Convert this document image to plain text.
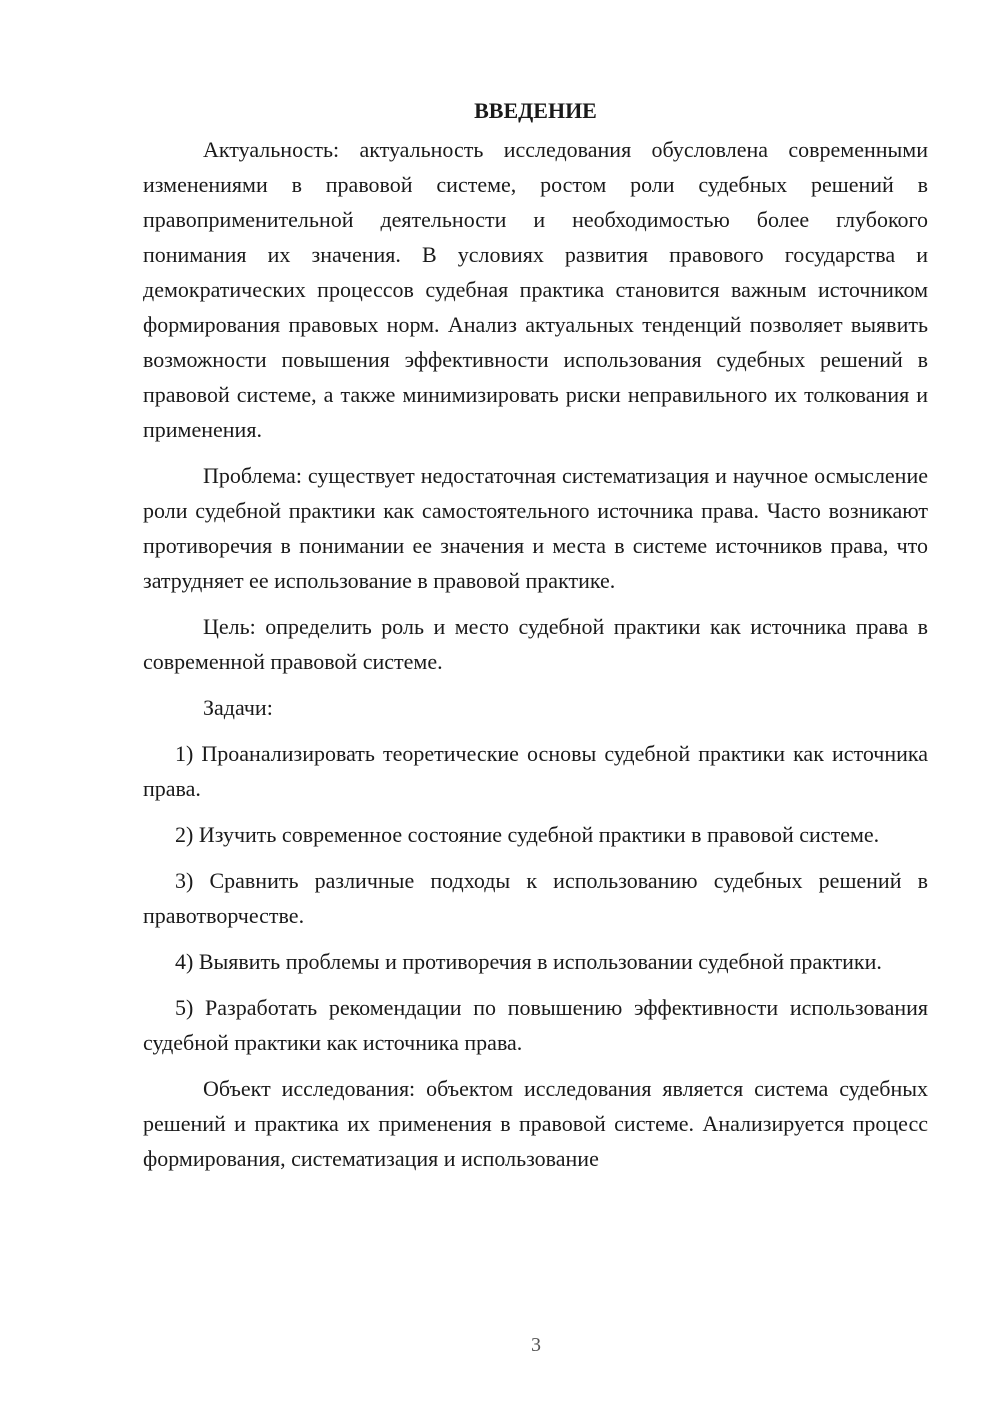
ВВЕДЕНИЕ

Актуальность: актуальность исследования обусловлена современными изменениями в правовой системе, ростом роли судебных решений в правоприменительной деятельности и необходимостью более глубокого понимания их значения. В условиях развития правового государства и демократических процессов судебная практика становится важным источником формирования правовых норм. Анализ актуальных тенденций позволяет выявить возможности повышения эффективности использования судебных решений в правовой системе, а также минимизировать риски неправильного их толкования и применения.

Проблема: существует недостаточная систематизация и научное осмысление роли судебной практики как самостоятельного источника права. Часто возникают противоречия в понимании ее значения и места в системе источников права, что затрудняет ее использование в правовой практике.

Цель: определить роль и место судебной практики как источника права в современной правовой системе.

Задачи:

1) Проанализировать теоретические основы судебной практики как источника права.

2) Изучить современное состояние судебной практики в правовой системе.

3) Сравнить различные подходы к использованию судебных решений в правотворчестве.

4) Выявить проблемы и противоречия в использовании судебной практики.

5) Разработать рекомендации по повышению эффективности использования судебной практики как источника права.

Объект исследования: объектом исследования является система судебных решений и практика их применения в правовой системе. Анализируется процесс формирования, систематизация и использование

3
